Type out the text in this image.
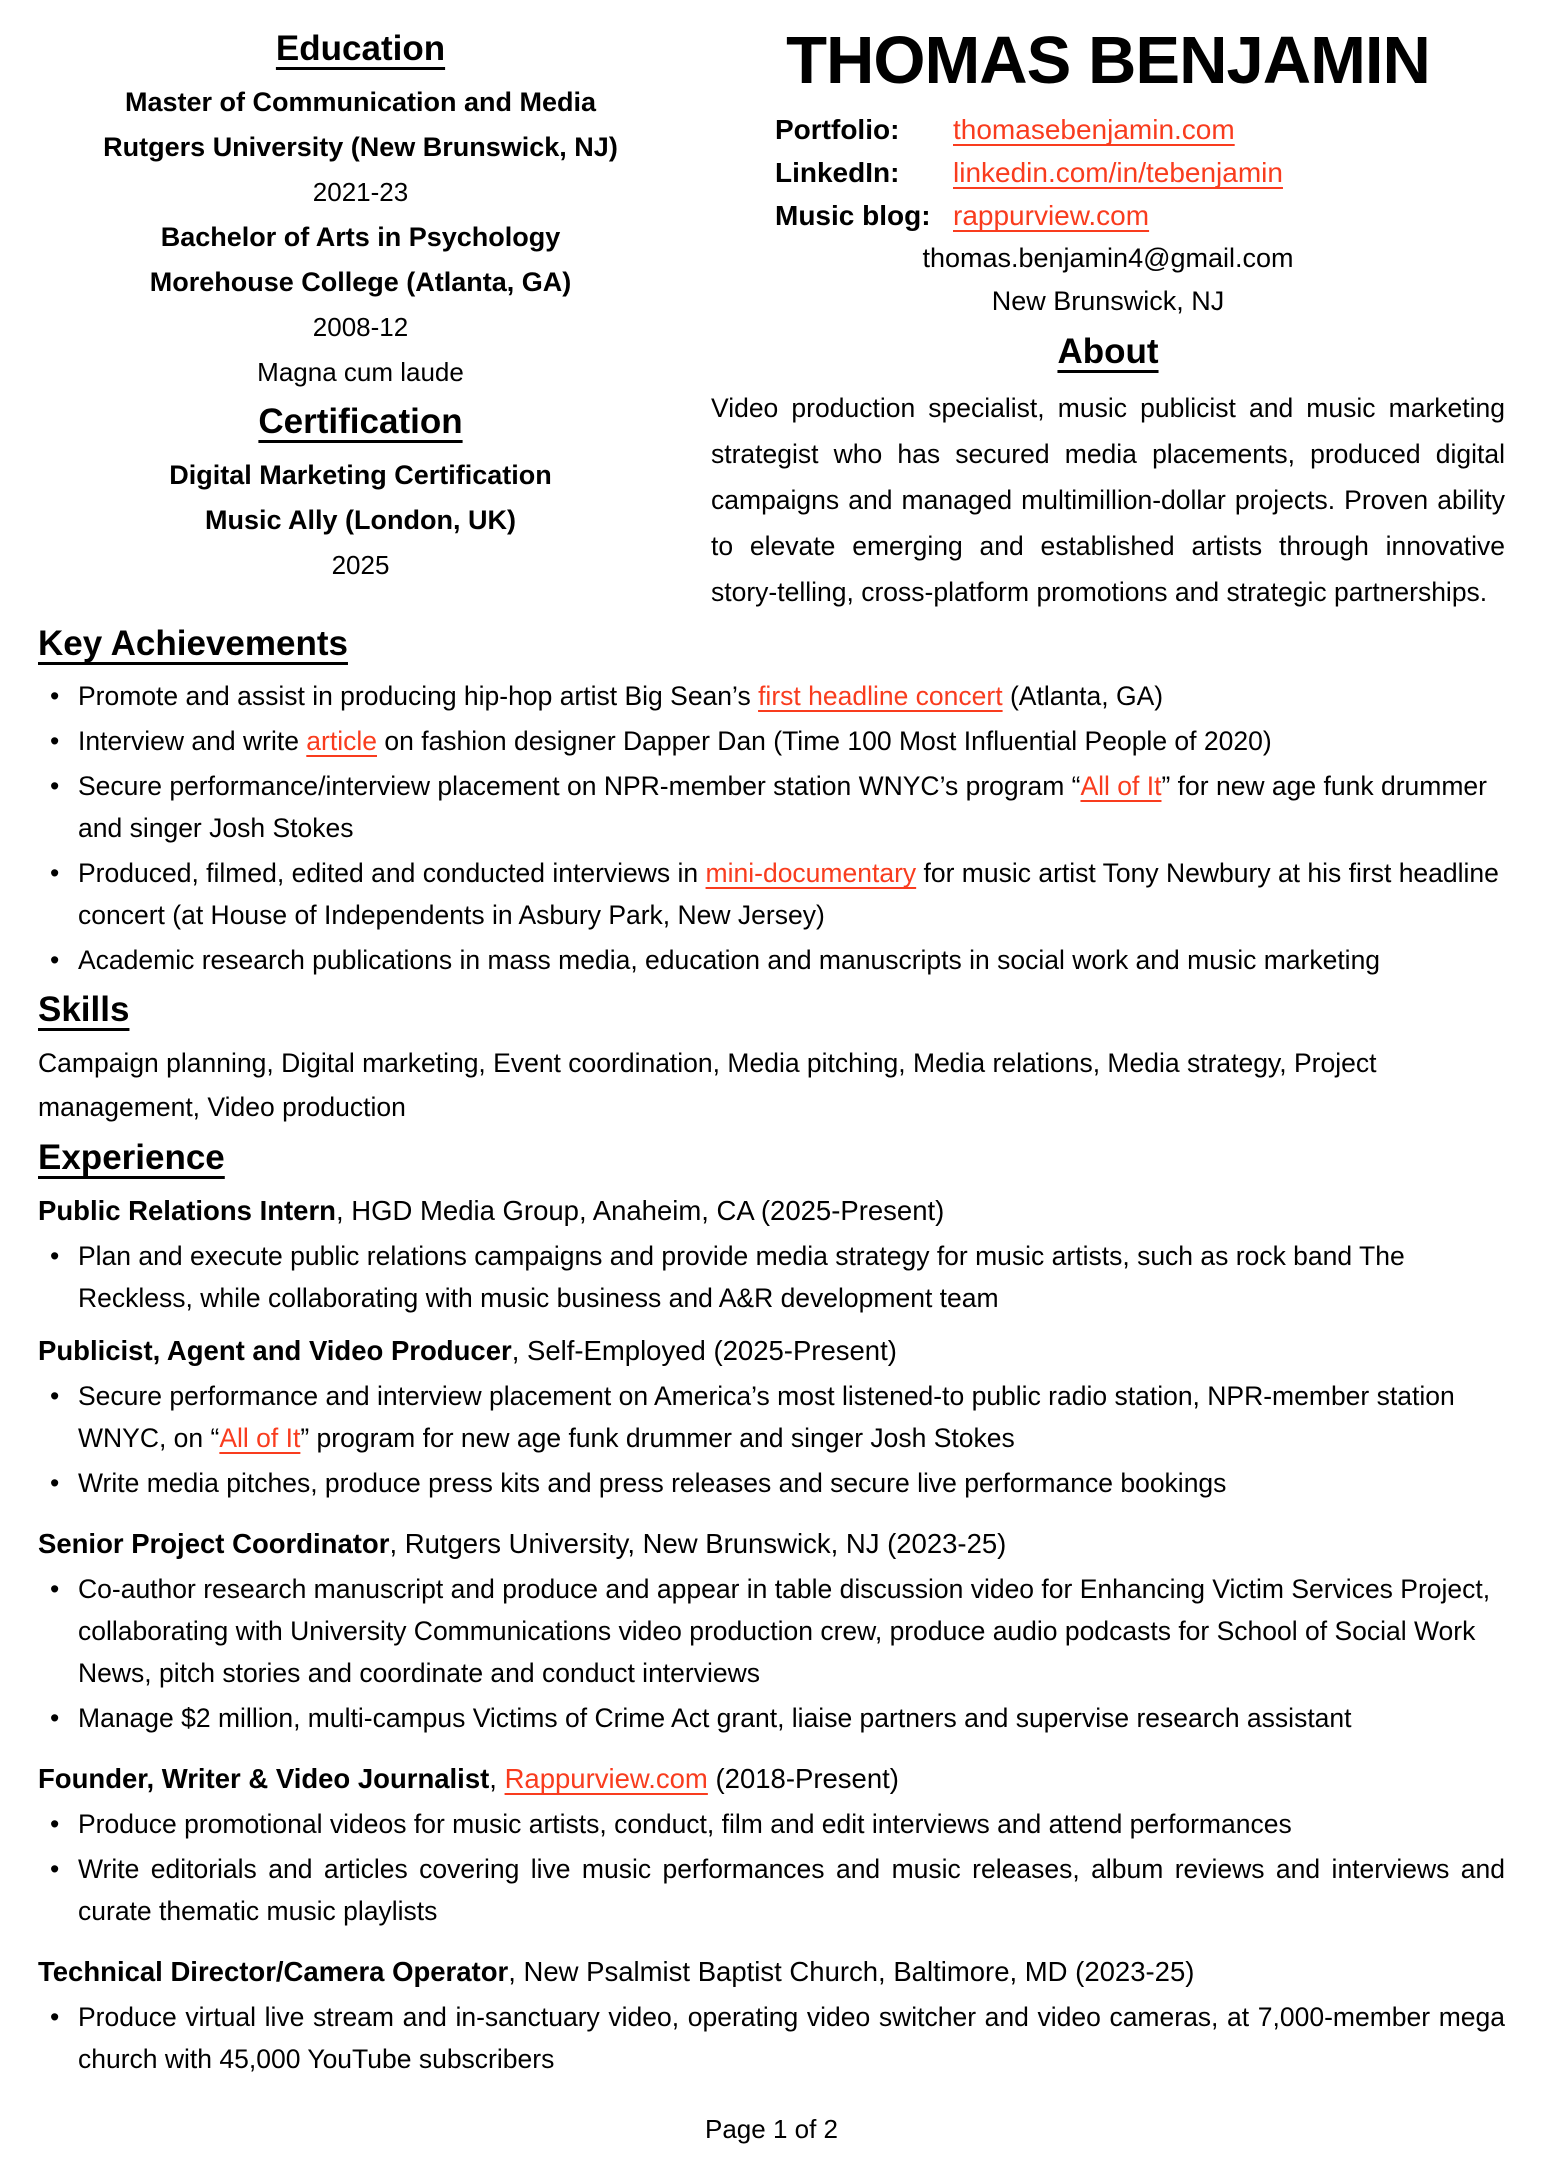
Education
Master of Communication and Media
Rutgers University (New Brunswick, NJ)
2021-23
Bachelor of Arts in Psychology
Morehouse College (Atlanta, GA)
2008-12
Magna cum laude
Certification
Digital Marketing Certification
Music Ally (London, UK)
2025
THOMAS BENJAMIN
Portfolio:	thomasebenjamin.com
LinkedIn:	linkedin.com/in/tebenjamin
Music blog: rappurview.com
thomas.benjamin4@gmail.com
New Brunswick, NJ
About

Video production specialist, music publicist and music marketing strategist who has secured media placements, produced digital campaigns and managed multimillion-dollar projects. Proven ability to elevate emerging and established artists through innovative story-telling, cross-platform promotions and strategic partnerships.

Key Achievements
• Promote and assist in producing hip-hop artist Big Sean’s first headline concert (Atlanta, GA)
• Interview and write article on fashion designer Dapper Dan (Time 100 Most Influential People of 2020)
• Secure performance/interview placement on NPR-member station WNYC’s program “All of It” for new age funk drummer and singer Josh Stokes
• Produced, filmed, edited and conducted interviews in mini-documentary for music artist Tony Newbury at his first headline concert (at House of Independents in Asbury Park, New Jersey)
• Academic research publications in mass media, education and manuscripts in social work and music marketing
Skills

Campaign planning, Digital marketing, Event coordination, Media pitching, Media relations, Media strategy, Project management, Video production

Experience
Public Relations Intern, HGD Media Group, Anaheim, CA (2025-Present)
• Plan and execute public relations campaigns and provide media strategy for music artists, such as rock band The Reckless, while collaborating with music business and A&R development team
Publicist, Agent and Video Producer, Self-Employed (2025-Present)
• Secure performance and interview placement on America’s most listened-to public radio station, NPR-member station WNYC, on “All of It” program for new age funk drummer and singer Josh Stokes
• Write media pitches, produce press kits and press releases and secure live performance bookings
Senior Project Coordinator, Rutgers University, New Brunswick, NJ (2023-25)
• Co-author research manuscript and produce and appear in table discussion video for Enhancing Victim Services Project, collaborating with University Communications video production crew, produce audio podcasts for School of Social Work News, pitch stories and coordinate and conduct interviews
• Manage $2 million, multi-campus Victims of Crime Act grant, liaise partners and supervise research assistant
Founder, Writer & Video Journalist, Rappurview.com (2018-Present)
• Produce promotional videos for music artists, conduct, film and edit interviews and attend performances
• Write editorials and articles covering live music performances and music releases, album reviews and interviews and curate thematic music playlists
Technical Director/Camera Operator, New Psalmist Baptist Church, Baltimore, MD (2023-25)
• Produce virtual live stream and in-sanctuary video, operating video switcher and video cameras, at 7,000-member mega church with 45,000 YouTube subscribers
Page 1 of 2
